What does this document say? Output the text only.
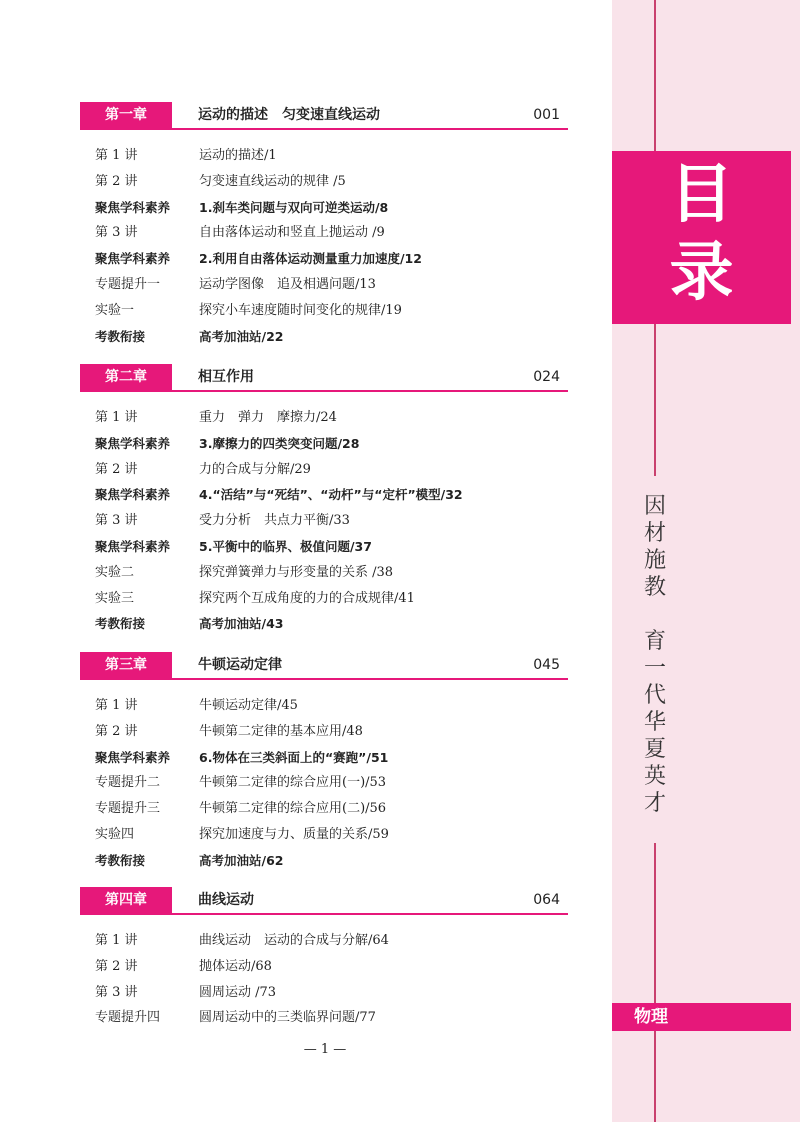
目
录
因
材
施
教

育
一
代
华
夏
英
才
物理
第一章	运动的描述　匀变速直线运动	001
第 1 讲	运动的描述/1
第 2 讲	匀变速直线运动的规律 /5
聚焦学科素养 1.刹车类问题与双向可逆类运动/8
第 3 讲	自由落体运动和竖直上抛运动 /9
聚焦学科素养 2.利用自由落体运动测量重力加速度/12
专题提升一	运动学图像　追及相遇问题/13
实验一	探究小车速度随时间变化的规律/19
考教衔接	高考加油站/22
第二章	相互作用	024
第 1 讲	重力　弹力　摩擦力/24
聚焦学科素养 3.摩擦力的四类突变问题/28
第 2 讲	力的合成与分解/29
聚焦学科素养 4.“活结”与“死结”、“动杆”与“定杆”模型/32
第 3 讲	受力分析　共点力平衡/33
聚焦学科素养 5.平衡中的临界、极值问题/37
实验二	探究弹簧弹力与形变量的关系 /38
实验三	探究两个互成角度的力的合成规律/41
考教衔接	高考加油站/43
第三章	牛顿运动定律	045
第 1 讲	牛顿运动定律/45
第 2 讲	牛顿第二定律的基本应用/48
聚焦学科素养 6.物体在三类斜面上的“赛跑”/51
专题提升二	牛顿第二定律的综合应用(一)/53
专题提升三	牛顿第二定律的综合应用(二)/56
实验四	探究加速度与力、质量的关系/59
考教衔接	高考加油站/62
第四章	曲线运动	064
第 1 讲	曲线运动　运动的合成与分解/64
第 2 讲	抛体运动/68
第 3 讲	圆周运动 /73
专题提升四	圆周运动中的三类临界问题/77
— 1 —
